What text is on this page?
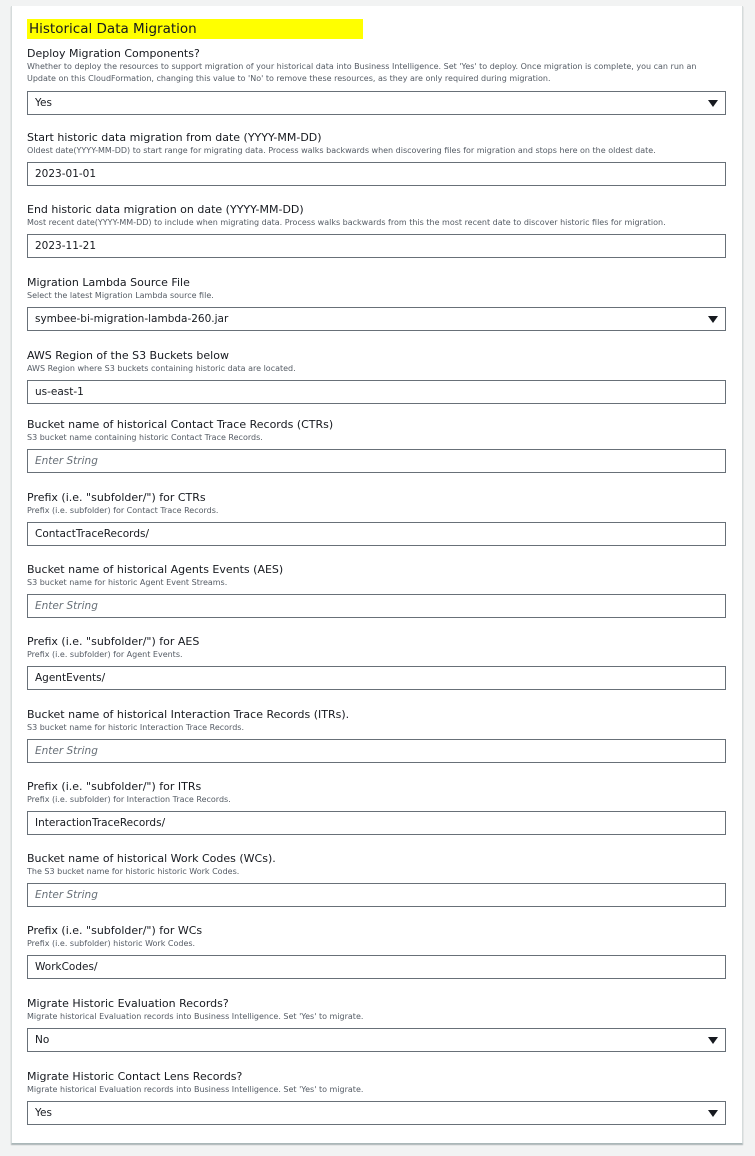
Historical Data Migration
Deploy Migration Components?
Whether to deploy the resources to support migration of your historical data into Business Intelligence. Set 'Yes' to deploy. Once migration is complete, you can run an
Update on this CloudFormation, changing this value to 'No' to remove these resources, as they are only required during migration.
Yes
Start historic data migration from date (YYYY-MM-DD)
Oldest date(YYYY-MM-DD) to start range for migrating data. Process walks backwards when discovering files for migration and stops here on the oldest date.
2023-01-01
End historic data migration on date (YYYY-MM-DD)
Most recent date(YYYY-MM-DD) to include when migrating data. Process walks backwards from this the most recent date to discover historic files for migration.
2023-11-21
Migration Lambda Source File
Select the latest Migration Lambda source file.
symbee-bi-migration-lambda-260.jar
AWS Region of the S3 Buckets below
AWS Region where S3 buckets containing historic data are located.
us-east-1
Bucket name of historical Contact Trace Records (CTRs)
S3 bucket name containing historic Contact Trace Records.
Enter String
Prefix (i.e. "subfolder/") for CTRs
Prefix (i.e. subfolder) for Contact Trace Records.
ContactTraceRecords/
Bucket name of historical Agents Events (AES)
S3 bucket name for historic Agent Event Streams.
Enter String
Prefix (i.e. "subfolder/") for AES
Prefix (i.e. subfolder) for Agent Events.
AgentEvents/
Bucket name of historical Interaction Trace Records (ITRs).
S3 bucket name for historic Interaction Trace Records.
Enter String
Prefix (i.e. "subfolder/") for ITRs
Prefix (i.e. subfolder) for Interaction Trace Records.
InteractionTraceRecords/
Bucket name of historical Work Codes (WCs).
The S3 bucket name for historic historic Work Codes.
Enter String
Prefix (i.e. "subfolder/") for WCs
Prefix (i.e. subfolder) historic Work Codes.
WorkCodes/
Migrate Historic Evaluation Records?
Migrate historical Evaluation records into Business Intelligence. Set 'Yes' to migrate.
No
Migrate Historic Contact Lens Records?
Migrate historical Evaluation records into Business Intelligence. Set 'Yes' to migrate.
Yes
